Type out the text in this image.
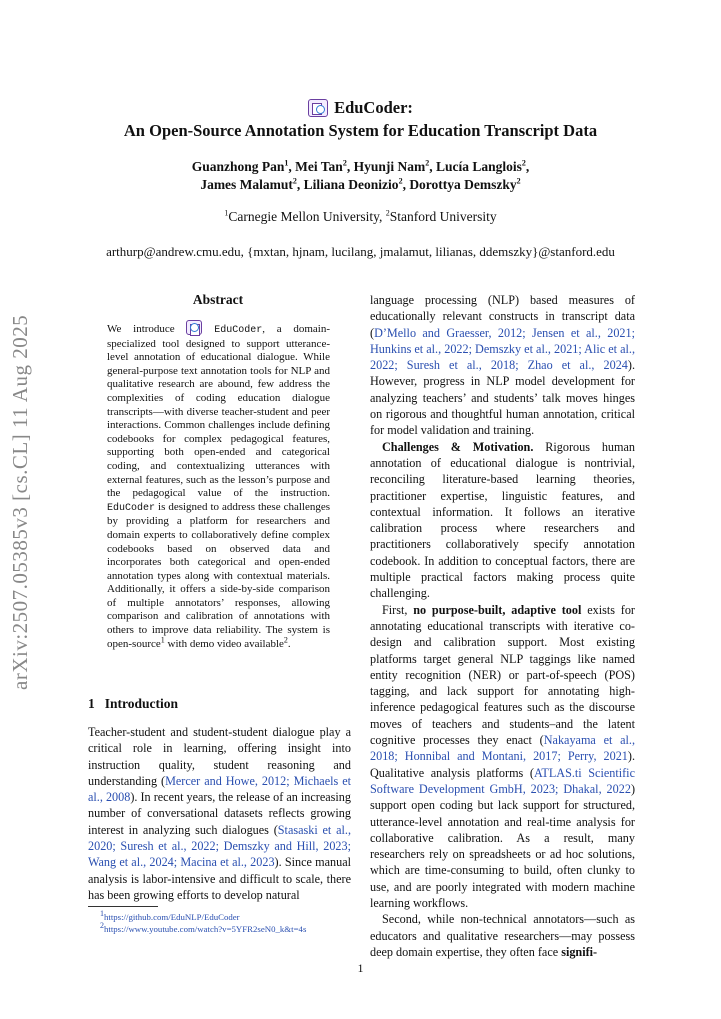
EduCoder:
An Open-Source Annotation System for Education Transcript Data
Guanzhong Pan$^1$, Mei Tan$^2$, Hyunji Nam$^2$, Lucía Langlois$^2$,
James Malamut$^2$, Liliana Deonizio$^2$, Dorottya Demszky$^2$
$^1$Carnegie Mellon University, $^2$Stanford University
arthurp@andrew.cmu.edu, {mxtan, hjnam, lucilang, jmalamut, lilianas, ddemszky}@stanford.edu
arXiv:2507.05385v3 [cs.CL] 11 Aug 2025
Abstract
We introduce	EduCoder, a domain-specialized tool designed to support utterance-level annotation of educational dialogue. While general-purpose text annotation tools for NLP and qualitative research are abound, few address the complexities of coding education dialogue transcripts—with diverse teacher-student and peer interactions. Common challenges include defining codebooks for complex pedagogical features, supporting both open-ended and categorical coding, and contextualizing utterances with external features, such as the lesson’s purpose and the pedagogical value of the instruction. EduCoder is designed to address these challenges by providing a platform for researchers and domain experts to collaboratively define complex codebooks based on observed data and incorporates both categorical and open-ended annotation types along with contextual materials. Additionally, it offers a side-by-side comparison of multiple annotators’ responses, allowing comparison and calibration of annotations with others to improve data reliability. The system is open-source$^1$ with demo video available$^2$.
1 Introduction
Teacher-student and student-student dialogue play a critical role in learning, offering insight into instruction quality, student reasoning and understanding (Mercer and Howe, 2012; Michaels et al., 2008). In recent years, the release of an increasing number of conversational datasets reflects growing interest in analyzing such dialogues (Stasaski et al., 2020; Suresh et al., 2022; Demszky and Hill, 2023; Wang et al., 2024; Macina et al., 2023). Since manual analysis is labor-intensive and difficult to scale, there has been growing efforts to develop natural

language processing (NLP) based measures of educationally relevant constructs in transcript data (D’Mello and Graesser, 2012; Jensen et al., 2021; Hunkins et al., 2022; Demszky et al., 2021; Alic et al., 2022; Suresh et al., 2018; Zhao et al., 2024). However, progress in NLP model development for analyzing teachers’ and students’ talk moves hinges on rigorous and thoughtful human annotation, critical for model validation and training.

Challenges & Motivation. Rigorous human annotation of educational dialogue is nontrivial, reconciling literature-based learning theories, practitioner expertise, linguistic features, and contextual information. It follows an iterative calibration process where researchers and practitioners collaboratively specify annotation codebook. In addition to conceptual factors, there are multiple practical factors making process quite challenging.

First, no purpose-built, adaptive tool exists for annotating educational transcripts with iterative co-design and calibration support. Most existing platforms target general NLP taggings like named entity recognition (NER) or part-of-speech (POS) tagging, and lack support for annotating high-inference pedagogical features such as the discourse moves of teachers and students–and the latent cognitive processes they enact (Nakayama et al., 2018; Honnibal and Montani, 2017; Perry, 2021). Qualitative analysis platforms (ATLAS.ti Scientific Software Development GmbH, 2023; Dhakal, 2022) support open coding but lack support for structured, utterance-level annotation and real-time analysis for collaborative calibration. As a result, many researchers rely on spreadsheets or ad hoc solutions, which are time-consuming to build, often clunky to use, and are poorly integrated with modern machine learning workflows.

Second, while non-technical annotators—such as educators and qualitative researchers—may possess deep domain expertise, they often face signifi-

$^1$https://github.com/EduNLP/EduCoder
$^2$https://www.youtube.com/watch?v=5YFR2seN0_k&t=4s
1
